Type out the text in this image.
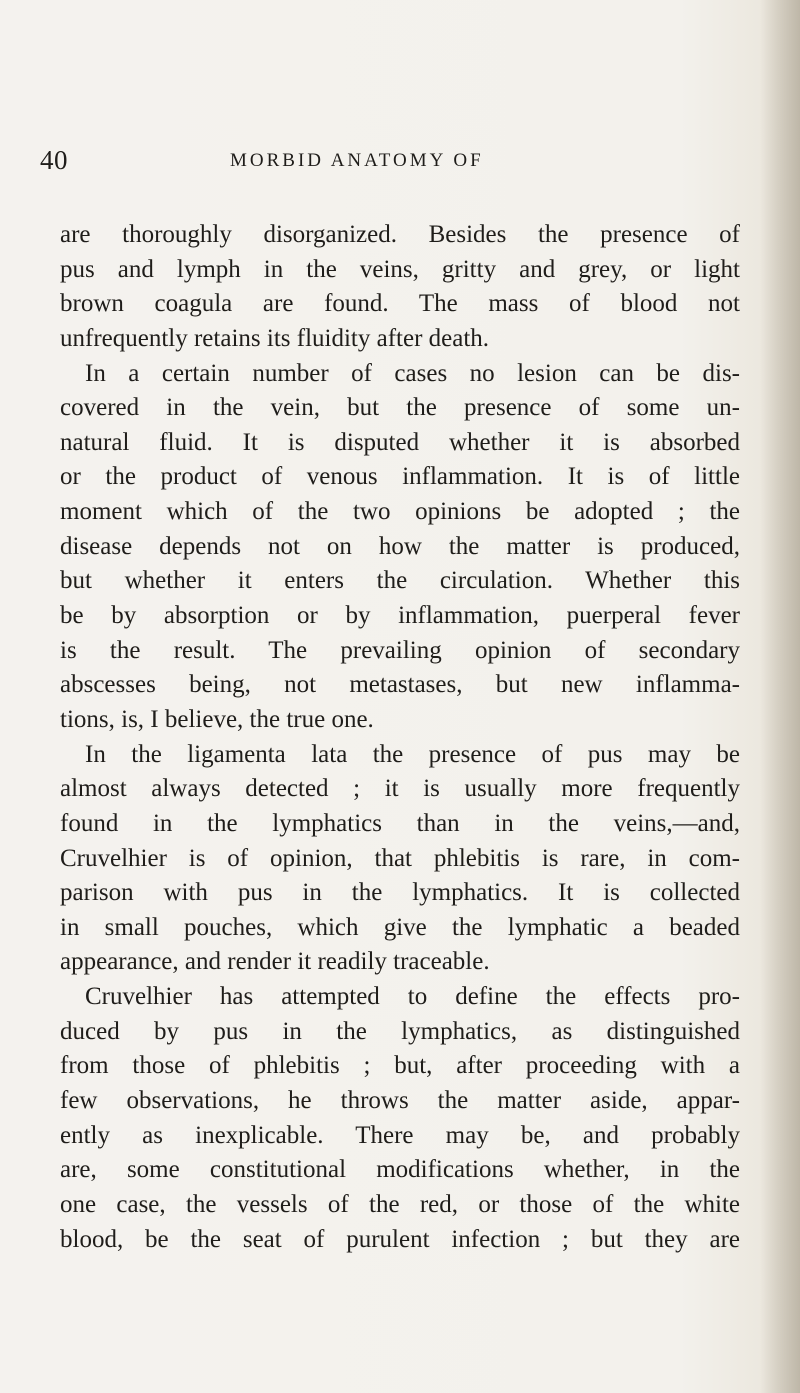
40	MORBID ANATOMY OF
are thoroughly disorganized. Besides the presence of
pus and lymph in the veins, gritty and grey, or light
brown coagula are found. The mass of blood not
unfrequently retains its fluidity after death.
In a certain number of cases no lesion can be dis-
covered in the vein, but the presence of some un-
natural fluid. It is disputed whether it is absorbed
or the product of venous inflammation. It is of little
moment which of the two opinions be adopted ; the
disease depends not on how the matter is produced,
but whether it enters the circulation. Whether this
be by absorption or by inflammation, puerperal fever
is the result. The prevailing opinion of secondary
abscesses being, not metastases, but new inflamma-
tions, is, I believe, the true one.
In the ligamenta lata the presence of pus may be
almost always detected ; it is usually more frequently
found in the lymphatics than in the veins,—and,
Cruvelhier is of opinion, that phlebitis is rare, in com-
parison with pus in the lymphatics. It is collected
in small pouches, which give the lymphatic a beaded
appearance, and render it readily traceable.
Cruvelhier has attempted to define the effects pro-
duced by pus in the lymphatics, as distinguished
from those of phlebitis ; but, after proceeding with a
few observations, he throws the matter aside, appar-
ently as inexplicable. There may be, and probably
are, some constitutional modifications whether, in the
one case, the vessels of the red, or those of the white
blood, be the seat of purulent infection ; but they are
